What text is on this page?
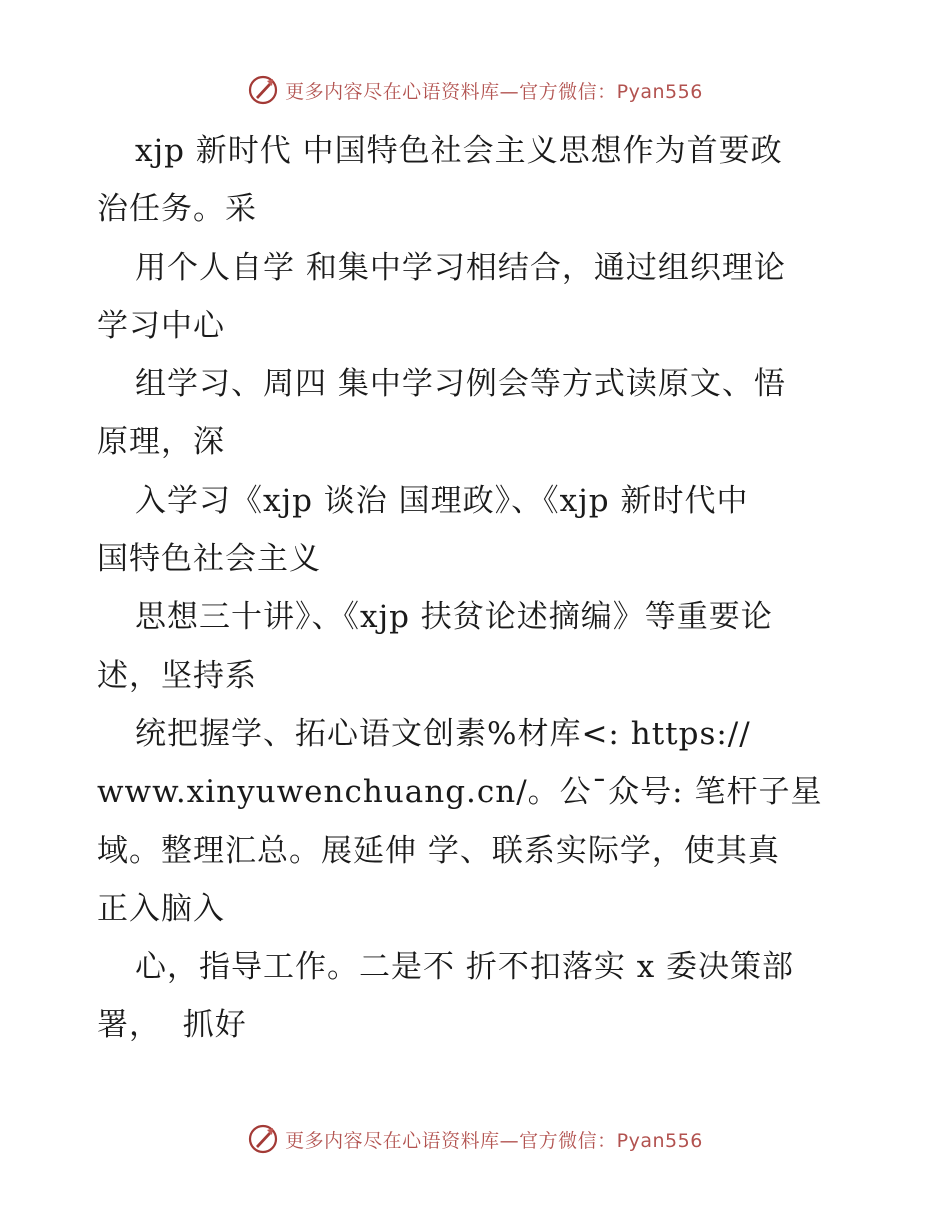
更多内容尽在心语资料库—官方微信：Pyan556
xjp 新时代 中国特色社会主义思想作为首要政
治任务。采
用个人自学 和集中学习相结合，通过组织理论
学习中心
组学习、周四 集中学习例会等方式读原文、悟
原理，深
入学习《xjp 谈治 国理政》、《xjp 新时代中
国特色社会主义
思想三十讲》、《xjp 扶贫论述摘编》等重要论
述，坚持系
统把握学、拓心语文创素%材库<: https://
www.xinyuwenchuang.cn/。公¯众号: 笔杆子星
域。整理汇总。展延伸 学、联系实际学，使其真
正入脑入
心，指导工作。二是不 折不扣落实 x 委决策部
署，  抓好
更多内容尽在心语资料库—官方微信：Pyan556
